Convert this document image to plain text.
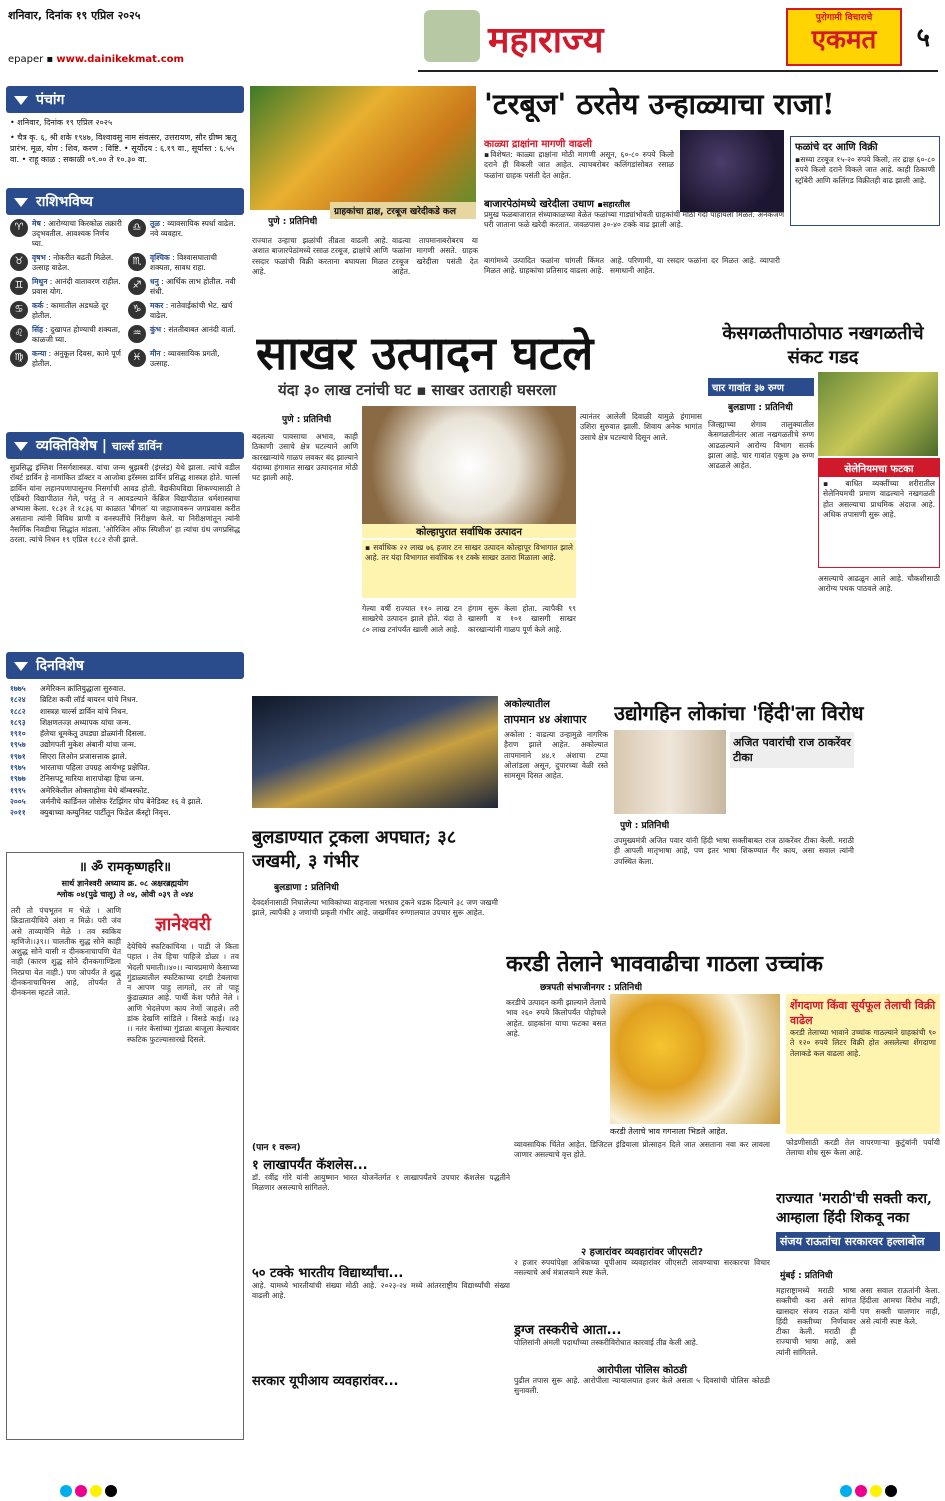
शनिवार, दिनांक १९ एप्रिल २०२५
epaper ▪ www.dainikekmat.com	महाराज्य
पुरोगामी विचाराचे
एकमत	५
पंचांग
• शनिवार, दिनांक १९ एप्रिल २०२५
• चैत्र कृ. ६, श्री शके १९४७, विश्वावसु नाम संवत्सर, उत्तरायण, सौर ग्रीष्म ऋतू प्रारंभ. मूळ, योग : शिव, करण : विष्टि. • सूर्योदय : ६.१९ वा., सूर्यास्त : ६.५५ वा. • राहू काळ : सकाळी ०९.०० ते १०.३० वा.
राशिभविष्य
♈	मेष : आरोग्याचा किरकोळ तक्रारी उद्‌भवतील. आवश्यक निर्णय घ्या.
♎	तूळ : व्यावसायिक स्पर्धा वाढेल. नवे व्यवहार.
♉	वृषभ : नोकरीत बढती मिळेल. उत्साह वाढेल.
♏	वृश्चिक : विश्वासघाताची शक्यता, सावध राहा.
♊	मिथुन : आनंदी वातावरण राहील. प्रवास योग.
♐	धनु : आर्थिक लाभ होतील. नवी संधी.
♋	कर्क : कामातील अडथळे दूर होतील.
♑	मकर : नातेवाईकांची भेट. खर्च वाढेल.
♌	सिंह : दुखापत होण्याची शक्यता, काळजी घ्या.
♒	कुंभ : संततीबाबत आनंदी वार्ता.
♍	कन्या : अनुकूल दिवस, कामे पूर्ण होतील.
♓	मीन : व्यावसायिक प्रगती, उत्साह.
व्यक्तिविशेष | चार्ल्स डार्विन
सुप्रसिद्ध इंग्लिश निसर्गशास्त्रज्ञ. यांचा जन्म श्रुझबरी (इंग्लंड) येथे झाला. त्यांचे वडील रॉबर्ट डार्विन हे नामांकित डॉक्टर व आजोबा इरॅस्मस डार्विन प्रसिद्ध शास्त्रज्ञ होते. चार्ल्स डार्विन यांना लहानपणापासूनच निसर्गाची आवड होती. वैद्यकीयविद्या शिकण्यासाठी ते एडिंबरो विद्यापीठात गेले, परंतु ते न आवडल्याने केंब्रिज विद्यापीठात धर्मशास्त्राचा अभ्यास केला. १८३१ ते १८३६ या काळात 'बीगल' या जहाजावरून जगप्रवास करीत असताना त्यांनी विविध प्राणी व वनस्पतींचे निरीक्षण केले. या निरीक्षणांतून त्यांनी नैसर्गिक निवडीचा सिद्धांत मांडला. 'ओरिजिन ऑफ स्पिशीज' हा त्यांचा ग्रंथ जगप्रसिद्ध ठरला. त्यांचे निधन १९ एप्रिल १८८२ रोजी झाले.
दिनविशेष
१७७५ अमेरिकन क्रांतियुद्धाला सुरुवात.
१८२४ ब्रिटिश कवी लॉर्ड बायरन यांचे निधन.
१८८२ शास्त्रज्ञ चार्ल्स डार्विन यांचे निधन.
१८९३ शिक्षणतज्ज्ञ अध्यापक यांचा जन्म.
१९१० हॅलेचा धूमकेतू उघड्या डोळ्यांनी दिसला.
१९५७ उद्योगपती मुकेश अंबानी यांचा जन्म.
१९७१ सिएरा लिओन प्रजासत्ताक झाले.
१९७५ भारताचा पहिला उपग्रह आर्यभट्ट प्रक्षेपित.
१९७७ टेनिसपटू मारिया शारापोव्हा हिचा जन्म.
१९९५ अमेरिकेतील ओक्लाहोमा येथे बॉम्बस्फोट.
२००५ जर्मनीचे कार्डिनल जोसेफ रॅटझिंगर पोप बेनेडिक्ट १६ वे झाले.
२०११ क्युबाच्या कम्युनिस्ट पार्टीतून फिडेल कॅस्ट्रो निवृत्त.
॥ ॐ रामकृष्णहरि॥
सार्थ ज्ञानेश्वरी अध्याय क्र. ०८ अक्षरब्रह्मयोग
श्लोक ०४(पुढे चालू) ते ०४, ओवी ०३९ ते ०४४
तरी तो पंचभूतन म भेळे । आणि क्रिडातायीचिये अंशा न मिळे। परी जंव असे ताव्याचेनि मेळे । तव स्वकिय म्हणिजे।।३९।। चालतीक सुद्ध सोने काही अशुद्ध सोने यासी न दीनकनाचापणि येत नाही (कारण शुद्ध सोने दीनकगाण्डिला निरप्रचा येत नाही.) पण जोपर्यंत ते शुद्ध दीनकनाचाचिनस आहे, तोपर्यंत ते दीनकनस म्हटले जाते.
ज्ञानेश्वरी
देयेचिये स्फटिकांचिया । पाडी जे किता पहात । तेव हिचा पाहिजे डोळा । तव भेदली घमाती।।४०।। न्यायप्रमाणे केसाच्या गुंडाळ्यातील स्फटिकाच्या दगडी टेबलाचा न आपण पाहु लागतो, तर तो पाहू कुंडाळ्यात आहे. पार्थी केश परौते नेले । आणि भेदलेपण काय नेणों जाहले। तरी डांक देखणि सांडिले । विसडे काई। ।४३ ।। नतंर केसांच्या गुंडाळा बाजूला केल्यावर स्फटिक फुटल्यासारखे दिसले.
ग्राहकांचा द्राक्ष, टरबूज खरेदीकडे कल
'टरबूज' ठरतेय उन्हाळ्याचा राजा!
काळ्या द्राक्षांना मागणी वाढली
▪विशेषत: काळ्या द्राक्षांना मोठी मागणी असून, ६०-८० रुपये किलो दराने ही विकली जात आहेत. त्याचबरोबर कलिंगडांसोबत रसाळ फळांना ग्राहक पसंती देत आहेत.
फळांचे दर आणि विक्री
▪सध्या टरबूज १५-२० रुपये किलो, तर द्राक्ष ६०-८० रुपये किलो दराने विकले जात आहे. काही ठिकाणी स्ट्रॉबेरी आणि कलिंगड विक्रीतही वाढ झाली आहे.
बाजारपेठांमध्ये खरेदीला उधाण ▪सहारतील
प्रमुख फळबाजारात संध्याकाळच्या वेळेत फळांच्या गाड्यांभोवती ग्राहकांची मोठी गर्दी पाहायला मिळते. अनेकजण घरी जाताना फळे खरेदी करतात. जवळपास ३०-४० टक्के वाढ झाली आहे.
पुणे : प्रतिनिधी
राज्यात उन्हाचा झळांची तीव्रता वाढली आहे. अशात बाजारपेठांमध्ये रसाळ टरबूज, द्राक्षांचे आणि रसदार फळांची विक्री करताना बघायला मिळत आहे.
वाढत्या तापमानाबरोबरच या फळांना मागणी असते. ग्राहक टरबूज खरेदीला पसंती देत आहेत.
बागांमध्ये उत्पादित फळांना चांगली किंमत मिळत आहे. ग्राहकांचा प्रतिसाद वाढला आहे.
आहे. परिणामी, या रसदार फळांना दर मिळत आहे. व्यापारी समाधानी आहेत.
साखर उत्पादन घटले
यंदा ३० लाख टनांची घट ▪ साखर उताराही घसरला
पुणे : प्रतिनिधी
बदलत्या पावसाचा अभाव, काही ठिकाणी उसाचे क्षेत्र घटल्याने आणि कारखान्यांचे गाळप लवकर बंद झाल्याने यंदाच्या हंगामात साखर उत्पादनात मोठी घट झाली आहे.
कोल्हापुरात सर्वाधिक उत्पादन
▪ सर्वाधिक २२ लाख ७६ हजार टन साखर उत्पादन कोल्हापूर विभागात झाले आहे. तर यंदा विभागात सर्वाधिक ११ टक्के साखर उतारा मिळाला आहे.
गेल्या वर्षी राज्यात ११० लाख टन साखरेचे उत्पादन झाले होते. यंदा ते ८० लाख टनांपर्यंत खाली आले आहे.
हंगाम सुरू केला होता. त्यापैकी ९९ खासगी व १०१ खासगी साखर कारखान्यांनी गाळप पूर्ण केले आहे.
त्यानंतर आलेली दिवाळी यामुळे हंगामास उशिरा सुरुवात झाली. शिवाय अनेक भागांत उसाचे क्षेत्र घटल्याचे दिसून आले.
केसगळतीपाठोपाठ नखगळतीचे संकट गडद
चार गावांत ३७ रुग्ण
बुलडाणा : प्रतिनिधी
जिल्ह्याच्या शेगाव तालुक्यातील केसगळतीनंतर आता नखगळतीचे रुग्ण आढळल्याने आरोग्य विभाग सतर्क झाला आहे. चार गावांत एकूण ३७ रुग्ण आढळले आहेत.	सेलेनियमचा फटका
▪ बाधित व्यक्तींच्या शरीरातील सेलेनियमची प्रमाण वाढल्याने नखगळती होत असल्याचा प्राथमिक अंदाज आहे. अधिक तपासणी सुरू आहे.
असल्याचे आढळून आले आहे. चौकशीसाठी आरोग्य पथक पाठवले आहे.
बुलडाण्यात ट्रकला अपघात; ३८ जखमी, ३ गंभीर
बुलडाणा : प्रतिनिधी
देवदर्शनासाठी निघालेल्या भाविकांच्या वाहनाला भरधाव ट्रकने धडक दिल्याने ३८ जण जखमी झाले, त्यापैकी ३ जणांची प्रकृती गंभीर आहे. जखमींवर रुग्णालयात उपचार सुरू आहेत.
अकोल्यातील
तापमान ४४ अंशापार
अकोला : वाढत्या उन्हामुळे नागरिक हैराण झाले आहेत. अकोल्यात तापमानाने ४४.१ अंशाचा टप्पा ओलांडला असून, दुपारच्या वेळी रस्ते सामसूम दिसत आहेत.
उद्योगहिन लोकांचा 'हिंदी'ला विरोध
अजित पवारांची राज ठाकरेंवर टीका
पुणे : प्रतिनिधी
उपमुख्यमंत्री अजित पवार यांनी हिंदी भाषा सक्तीबाबत राज ठाकरेंवर टीका केली. मराठी ही आपली मातृभाषा आहे, पण इतर भाषा शिकण्यात गैर काय, असा सवाल त्यांनी उपस्थित केला.
करडी तेलाने भाववाढीचा गाठला उच्चांक
छत्रपती संभाजीनगर : प्रतिनिधी
करडीचे उत्पादन कमी झाल्याने तेलाचे भाव २६० रुपये किलोपर्यंत पोहोचले आहेत. ग्राहकांना याचा फटका बसत आहे.
करडी तेलाचे भाव गगनाला भिडले आहेत.
शेंगदाणा किंवा सूर्यफूल तेलाची विक्री वाढेल
करडी तेलाच्या भावाने उच्चांक गाठल्याने ग्राहकांची ९० ते १२० रुपये लिटर विक्री होत असलेल्या शेंगदाणा तेलाकडे कल वाढला आहे.
फोडणीसाठी करडी तेल वापरणाऱ्या कुटुंबांनी पर्यायी तेलाचा शोध सुरू केला आहे.
(पान १ वरून)
१ लाखापर्यंत कॅशलेस...
डॉ. रवींद्र गोरे यांनी आयुष्मान भारत योजनेंतर्गत १ लाखापर्यंतचे उपचार कॅशलेस पद्धतीने मिळणार असल्याचे सांगितले.
५० टक्के भारतीय विद्यार्थ्यांचा...
आहे. यामध्ये भारतीयांची संख्या मोठी आहे. २०२३-२४ मध्ये आंतरराष्ट्रीय विद्यार्थ्यांची संख्या वाढली आहे.
सरकार यूपीआय व्यवहारांवर...
व्यावसायिक चिंतेत आहेत. डिजिटल इंडियाला प्रोत्साहन दिले जात असताना नवा कर लावला जाणार असल्याचे वृत्त होते.
२ हजारांवर व्यवहारांवर जीएसटी?
२ हजार रुपयांपेक्षा अधिकच्या यूपीआय व्यवहारांवर जीएसटी लावण्याचा सरकारचा विचार नसल्याचे अर्थ मंत्रालयाने स्पष्ट केले.
ड्रग्ज तस्करीचे आता...
पोलिसांनी अंमली पदार्थांच्या तस्करीविरोधात कारवाई तीव्र केली आहे.
आरोपीला पोलिस कोठडी
पुढील तपास सुरू आहे. आरोपीला न्यायालयात हजर केले असता ५ दिवसांची पोलिस कोठडी सुनावली.
राज्यात 'मराठी'ची सक्ती करा, आम्हाला हिंदी शिकवू नका
संजय राऊतांचा सरकारवर हल्लाबोल
मुंबई : प्रतिनिधी
महाराष्ट्रामध्ये मराठी भाषा सक्तीची करा असे सांगत खासदार संजय राऊत यांनी हिंदी सक्तीच्या निर्णयावर टीका केली. मराठी ही राज्याची भाषा आहे, असे त्यांनी सांगितले.
असा सवाल राऊतांनी केला. हिंदीला आमचा विरोध नाही, पण सक्ती चालणार नाही, असे त्यांनी स्पष्ट केले.
